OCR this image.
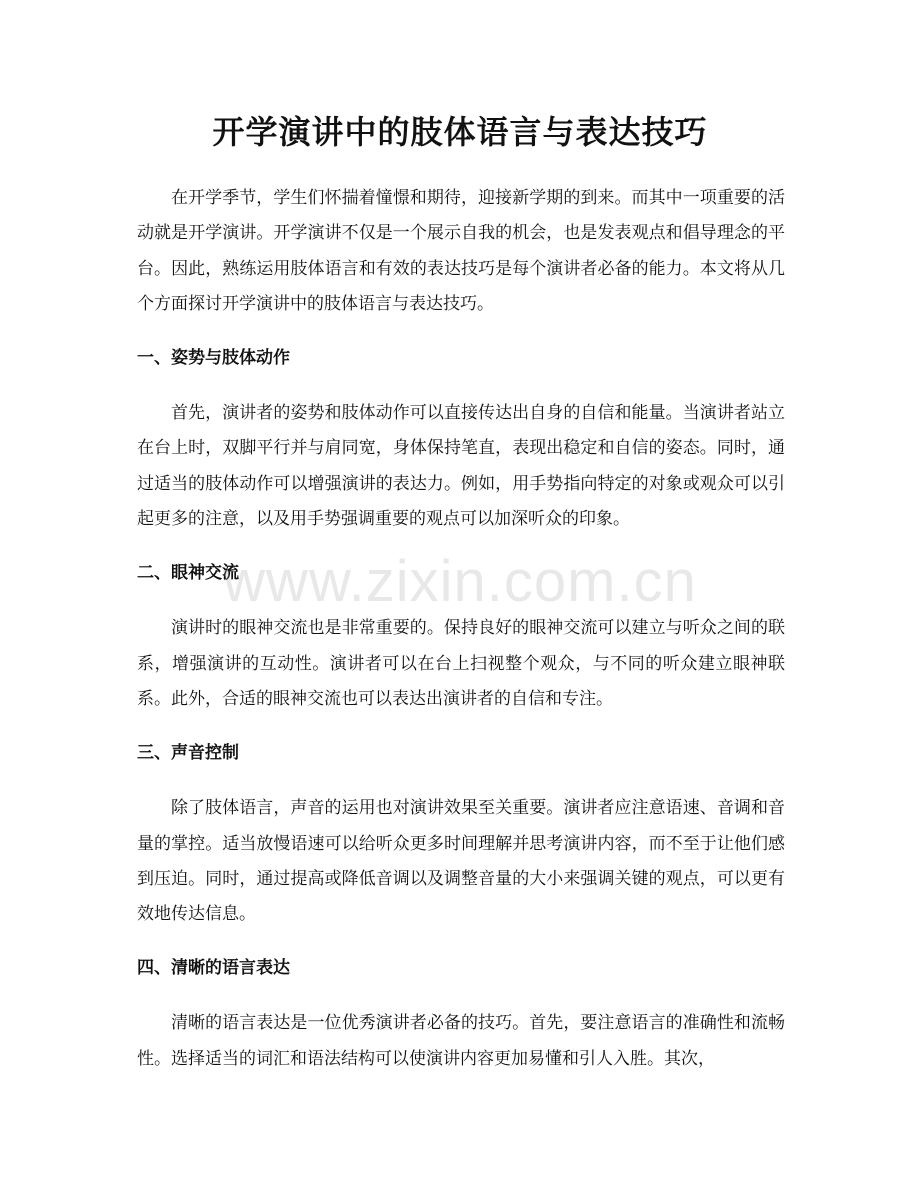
开学演讲中的肢体语言与表达技巧

在开学季节，学生们怀揣着憧憬和期待，迎接新学期的到来。而其中一项重要的活动就是开学演讲。开学演讲不仅是一个展示自我的机会，也是发表观点和倡导理念的平台。因此，熟练运用肢体语言和有效的表达技巧是每个演讲者必备的能力。本文将从几个方面探讨开学演讲中的肢体语言与表达技巧。

一、姿势与肢体动作

首先，演讲者的姿势和肢体动作可以直接传达出自身的自信和能量。当演讲者站立在台上时，双脚平行并与肩同宽，身体保持笔直，表现出稳定和自信的姿态。同时，通过适当的肢体动作可以增强演讲的表达力。例如，用手势指向特定的对象或观众可以引起更多的注意，以及用手势强调重要的观点可以加深听众的印象。

二、眼神交流

演讲时的眼神交流也是非常重要的。保持良好的眼神交流可以建立与听众之间的联系，增强演讲的互动性。演讲者可以在台上扫视整个观众，与不同的听众建立眼神联系。此外，合适的眼神交流也可以表达出演讲者的自信和专注。

三、声音控制

除了肢体语言，声音的运用也对演讲效果至关重要。演讲者应注意语速、音调和音量的掌控。适当放慢语速可以给听众更多时间理解并思考演讲内容，而不至于让他们感到压迫。同时，通过提高或降低音调以及调整音量的大小来强调关键的观点，可以更有效地传达信息。

四、清晰的语言表达

清晰的语言表达是一位优秀演讲者必备的技巧。首先，要注意语言的准确性和流畅性。选择适当的词汇和语法结构可以使演讲内容更加易懂和引人入胜。其次，

www.zixin.com.cn
